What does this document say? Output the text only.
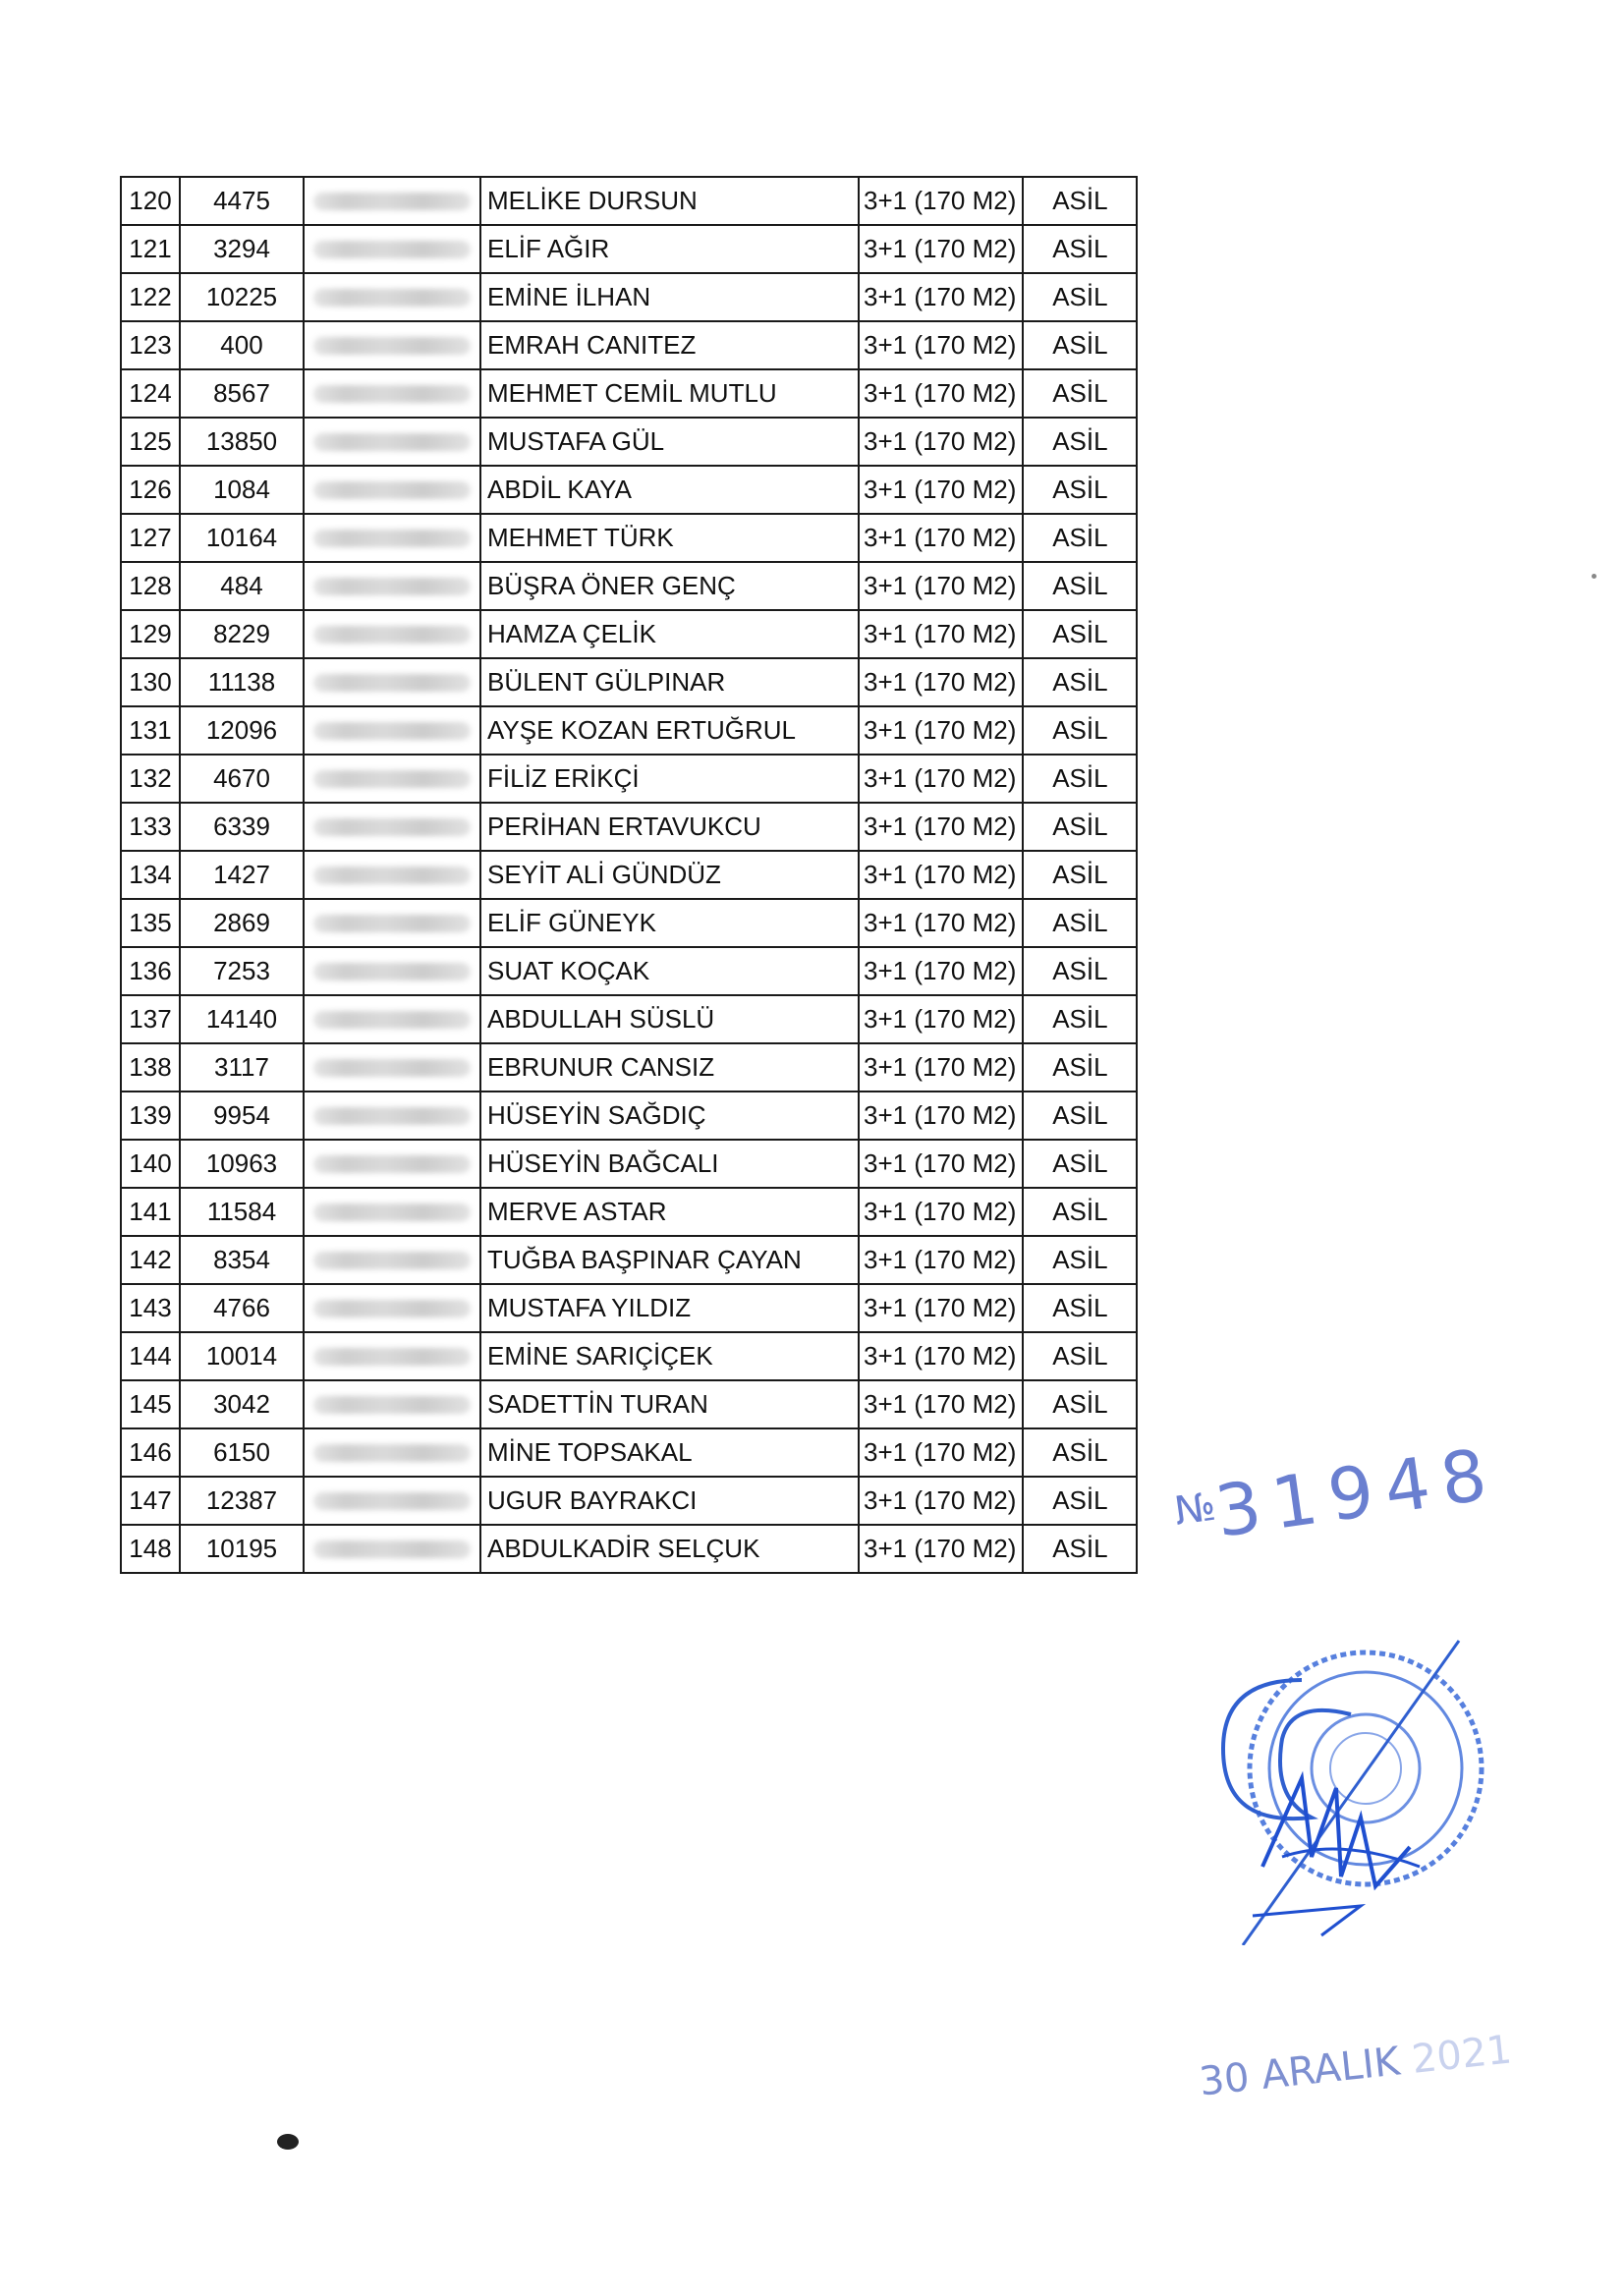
120	4475		MELİKE DURSUN	3+1 (170 M2)	ASİL
121	3294		ELİF AĞIR	3+1 (170 M2)	ASİL
122	10225		EMİNE İLHAN	3+1 (170 M2)	ASİL
123	400		EMRAH CANITEZ	3+1 (170 M2)	ASİL
124	8567		MEHMET CEMİL MUTLU	3+1 (170 M2)	ASİL
125	13850		MUSTAFA GÜL	3+1 (170 M2)	ASİL
126	1084		ABDİL KAYA	3+1 (170 M2)	ASİL
127	10164		MEHMET TÜRK	3+1 (170 M2)	ASİL
128	484		BÜŞRA ÖNER GENÇ	3+1 (170 M2)	ASİL
129	8229		HAMZA ÇELİK	3+1 (170 M2)	ASİL
130	11138		BÜLENT GÜLPINAR	3+1 (170 M2)	ASİL
131	12096		AYŞE KOZAN ERTUĞRUL	3+1 (170 M2)	ASİL
132	4670		FİLİZ ERİKÇİ	3+1 (170 M2)	ASİL
133	6339		PERİHAN ERTAVUKCU	3+1 (170 M2)	ASİL
134	1427		SEYİT ALİ GÜNDÜZ	3+1 (170 M2)	ASİL
135	2869		ELİF GÜNEYK	3+1 (170 M2)	ASİL
136	7253		SUAT KOÇAK	3+1 (170 M2)	ASİL
137	14140		ABDULLAH SÜSLÜ	3+1 (170 M2)	ASİL
138	3117		EBRUNUR CANSIZ	3+1 (170 M2)	ASİL
139	9954		HÜSEYİN SAĞDIÇ	3+1 (170 M2)	ASİL
140	10963		HÜSEYİN BAĞCALI	3+1 (170 M2)	ASİL
141	11584		MERVE ASTAR	3+1 (170 M2)	ASİL
142	8354		TUĞBA BAŞPINAR ÇAYAN	3+1 (170 M2)	ASİL
143	4766		MUSTAFA YILDIZ	3+1 (170 M2)	ASİL
144	10014		EMİNE SARIÇİÇEK	3+1 (170 M2)	ASİL
145	3042		SADETTİN TURAN	3+1 (170 M2)	ASİL
146	6150		MİNE TOPSAKAL	3+1 (170 M2)	ASİL
147	12387		UGUR BAYRAKCI	3+1 (170 M2)	ASİL
148	10195		ABDULKADİR SELÇUK	3+1 (170 M2)	ASİL
№31948
30 ARALIK 2021
